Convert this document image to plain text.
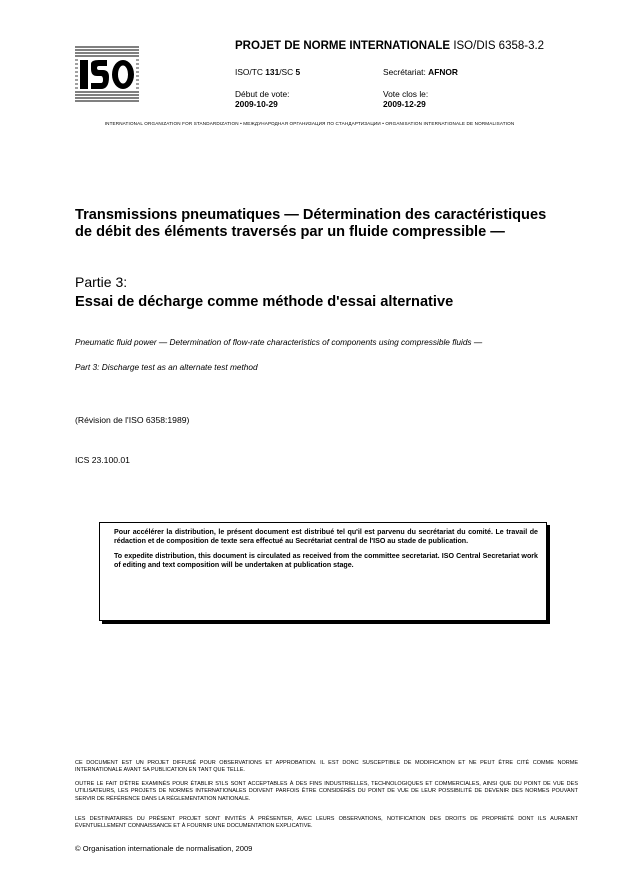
PROJET DE NORME INTERNATIONALE ISO/DIS 6358-3.2
ISO/TC 131/SC 5	Secrétariat: AFNOR
Début de vote:
2009-10-29
Vote clos le:
2009-12-29
INTERNATIONAL ORGANIZATION FOR STANDARDIZATION • МЕЖДУНАРОДНАЯ ОРГАНИЗАЦИЯ ПО СТАНДАРТИЗАЦИИ • ORGANISATION INTERNATIONALE DE NORMALISATION
Transmissions pneumatiques — Détermination des caractéristiques de débit des éléments traversés par un fluide compressible —
Partie 3:
Essai de décharge comme méthode d'essai alternative
Pneumatic fluid power — Determination of flow-rate characteristics of components using compressible fluids —
Part 3: Discharge test as an alternate test method
(Révision de l'ISO 6358:1989)
ICS 23.100.01

Pour accélérer la distribution, le présent document est distribué tel qu'il est parvenu du secrétariat du comité. Le travail de rédaction et de composition de texte sera effectué au Secrétariat central de l'ISO au stade de publication.

To expedite distribution, this document is circulated as received from the committee secretariat. ISO Central Secretariat work of editing and text composition will be undertaken at publication stage.

CE DOCUMENT EST UN PROJET DIFFUSÉ POUR OBSERVATIONS ET APPROBATION. IL EST DONC SUSCEPTIBLE DE MODIFICATION ET NE PEUT ÊTRE CITÉ COMME NORME INTERNATIONALE AVANT SA PUBLICATION EN TANT QUE TELLE.
OUTRE LE FAIT D'ÊTRE EXAMINÉS POUR ÉTABLIR S'ILS SONT ACCEPTABLES À DES FINS INDUSTRIELLES, TECHNOLOGIQUES ET COMMERCIALES, AINSI QUE DU POINT DE VUE DES UTILISATEURS, LES PROJETS DE NORMES INTERNATIONALES DOIVENT PARFOIS ÊTRE CONSIDÉRÉS DU POINT DE VUE DE LEUR POSSIBILITÉ DE DEVENIR DES NORMES POUVANT SERVIR DE RÉFÉRENCE DANS LA RÉGLEMENTATION NATIONALE.
LES DESTINATAIRES DU PRÉSENT PROJET SONT INVITÉS À PRÉSENTER, AVEC LEURS OBSERVATIONS, NOTIFICATION DES DROITS DE PROPRIÉTÉ DONT ILS AURAIENT ÉVENTUELLEMENT CONNAISSANCE ET À FOURNIR UNE DOCUMENTATION EXPLICATIVE.
© Organisation internationale de normalisation, 2009
